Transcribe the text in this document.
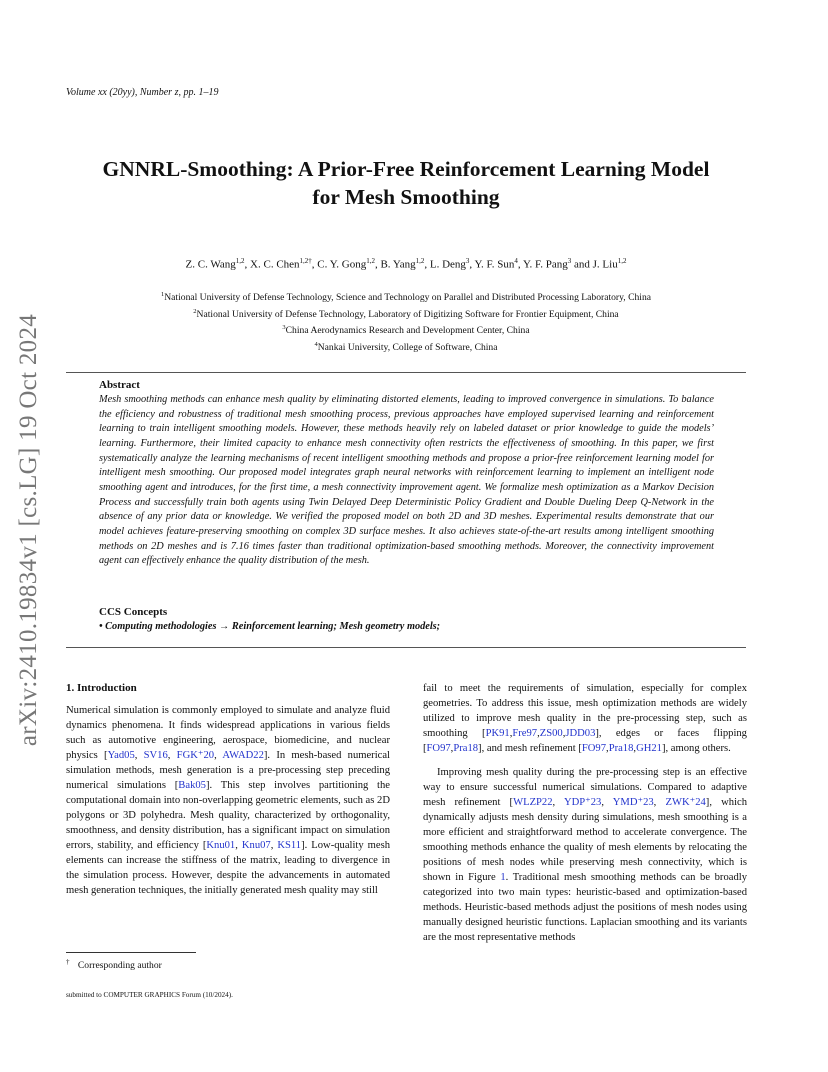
arXiv:2410.19834v1 [cs.LG] 19 Oct 2024
Volume xx (20yy), Number z, pp. 1–19
GNNRL-Smoothing: A Prior-Free Reinforcement Learning Model
for Mesh Smoothing
Z. C. Wang$^{1,2}$, X. C. Chen$^{1,2\dagger}$, C. Y. Gong$^{1,2}$, B. Yang$^{1,2}$, L. Deng$^3$, Y. F. Sun$^4$, Y. F. Pang$^3$ and J. Liu$^{1,2}$
$^1$National University of Defense Technology, Science and Technology on Parallel and Distributed Processing Laboratory, China
$^2$National University of Defense Technology, Laboratory of Digitizing Software for Frontier Equipment, China
$^3$China Aerodynamics Research and Development Center, China
$^4$Nankai University, College of Software, China
Abstract
Mesh smoothing methods can enhance mesh quality by eliminating distorted elements, leading to improved convergence in simulations. To balance the efficiency and robustness of traditional mesh smoothing process, previous approaches have employed supervised learning and reinforcement learning to train intelligent smoothing models. However, these methods heavily rely on labeled dataset or prior knowledge to guide the models’ learning. Furthermore, their limited capacity to enhance mesh connectivity often restricts the effectiveness of smoothing. In this paper, we first systematically analyze the learning mechanisms of recent intelligent smoothing methods and propose a prior-free reinforcement learning model for intelligent mesh smoothing. Our proposed model integrates graph neural networks with reinforcement learning to implement an intelligent node smoothing agent and introduces, for the first time, a mesh connectivity improvement agent. We formalize mesh optimization as a Markov Decision Process and successfully train both agents using Twin Delayed Deep Deterministic Policy Gradient and Double Dueling Deep Q-Network in the absence of any prior data or knowledge. We verified the proposed model on both 2D and 3D meshes. Experimental results demonstrate that our model achieves feature-preserving smoothing on complex 3D surface meshes. It also achieves state-of-the-art results among intelligent smoothing methods on 2D meshes and is 7.16 times faster than traditional optimization-based smoothing methods. Moreover, the connectivity improvement agent can effectively enhance the quality distribution of the mesh.
CCS Concepts
• Computing methodologies → Reinforcement learning; Mesh geometry models;
1. Introduction

Numerical simulation is commonly employed to simulate and analyze fluid dynamics phenomena. It finds widespread applications in various fields such as automotive engineering, aerospace, biomedicine, and nuclear physics [Yad05, SV16, FGK⁺20, AWAD22]. In mesh-based numerical simulation methods, mesh generation is a pre-processing step preceding numerical simulations [Bak05]. This step involves partitioning the computational domain into non-overlapping geometric elements, such as 2D polygons or 3D polyhedra. Mesh quality, characterized by orthogonality, smoothness, and density distribution, has a significant impact on simulation errors, stability, and efficiency [Knu01, Knu07, KS11]. Low-quality mesh elements can increase the stiffness of the matrix, leading to divergence in the simulation process. However, despite the advancements in automated mesh generation techniques, the initially generated mesh quality may still

fail to meet the requirements of simulation, especially for complex geometries. To address this issue, mesh optimization methods are widely utilized to improve mesh quality in the pre-processing step, such as smoothing [PK91,Fre97,ZS00,JDD03], edges or faces flipping [FO97,Pra18], and mesh refinement [FO97,Pra18,GH21], among others.

Improving mesh quality during the pre-processing step is an effective way to ensure successful numerical simulations. Compared to adaptive mesh refinement [WLZP22, YDP⁺23, YMD⁺23, ZWK⁺24], which dynamically adjusts mesh density during simulations, mesh smoothing is a more efficient and straightforward method to accelerate convergence. The smoothing methods enhance the quality of mesh elements by relocating the positions of mesh nodes while preserving mesh connectivity, which is shown in Figure 1. Traditional mesh smoothing methods can be broadly categorized into two main types: heuristic-based and optimization-based methods. Heuristic-based methods adjust the positions of mesh nodes using manually designed heuristic functions. Laplacian smoothing and its variants are the most representative methods

† Corresponding author
submitted to COMPUTER GRAPHICS Forum (10/2024).
